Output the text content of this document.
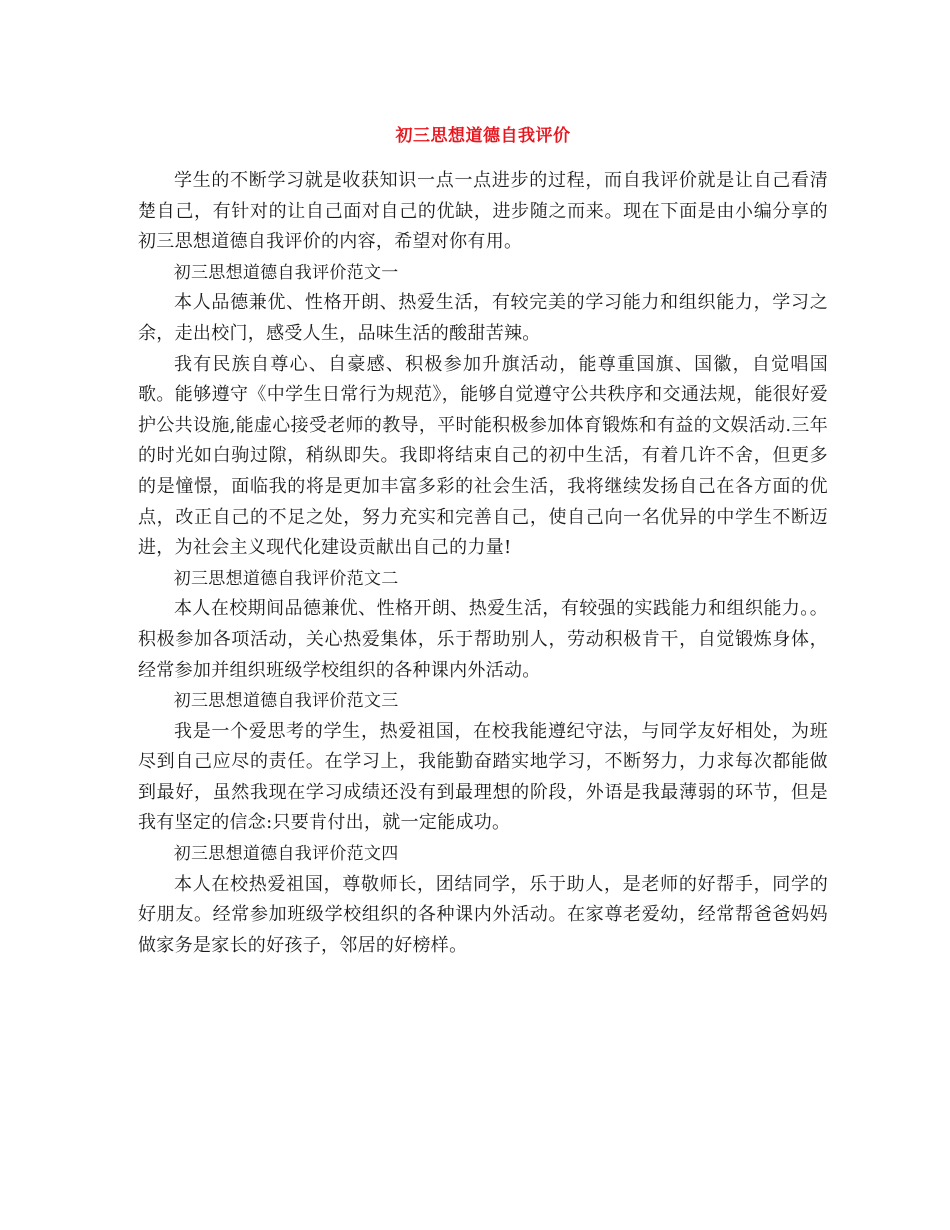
初三思想道德自我评价

学生的不断学习就是收获知识一点一点进步的过程，而自我评价就是让自己看清楚自己，有针对的让自己面对自己的优缺，进步随之而来。现在下面是由小编分享的初三思想道德自我评价的内容，希望对你有用。

初三思想道德自我评价范文一

本人品德兼优、性格开朗、热爱生活，有较完美的学习能力和组织能力，学习之余，走出校门，感受人生，品味生活的酸甜苦辣。

我有民族自尊心、自豪感、积极参加升旗活动，能尊重国旗、国徽，自觉唱国歌。能够遵守《中学生日常行为规范》，能够自觉遵守公共秩序和交通法规，能很好爱护公共设施,能虚心接受老师的教导，平时能积极参加体育锻炼和有益的文娱活动.三年的时光如白驹过隙，稍纵即失。我即将结束自己的初中生活，有着几许不舍，但更多的是憧憬，面临我的将是更加丰富多彩的社会生活，我将继续发扬自己在各方面的优点，改正自己的不足之处，努力充实和完善自己，使自己向一名优异的中学生不断迈进，为社会主义现代化建设贡献出自己的力量!

初三思想道德自我评价范文二

本人在校期间品德兼优、性格开朗、热爱生活，有较强的实践能力和组织能力。。积极参加各项活动，关心热爱集体，乐于帮助别人，劳动积极肯干，自觉锻炼身体，经常参加并组织班级学校组织的各种课内外活动。

初三思想道德自我评价范文三

我是一个爱思考的学生，热爱祖国，在校我能遵纪守法，与同学友好相处，为班尽到自己应尽的责任。在学习上，我能勤奋踏实地学习，不断努力，力求每次都能做到最好，虽然我现在学习成绩还没有到最理想的阶段，外语是我最薄弱的环节，但是我有坚定的信念:只要肯付出，就一定能成功。

初三思想道德自我评价范文四

本人在校热爱祖国，尊敬师长，团结同学，乐于助人，是老师的好帮手，同学的好朋友。经常参加班级学校组织的各种课内外活动。在家尊老爱幼，经常帮爸爸妈妈做家务是家长的好孩子，邻居的好榜样。
